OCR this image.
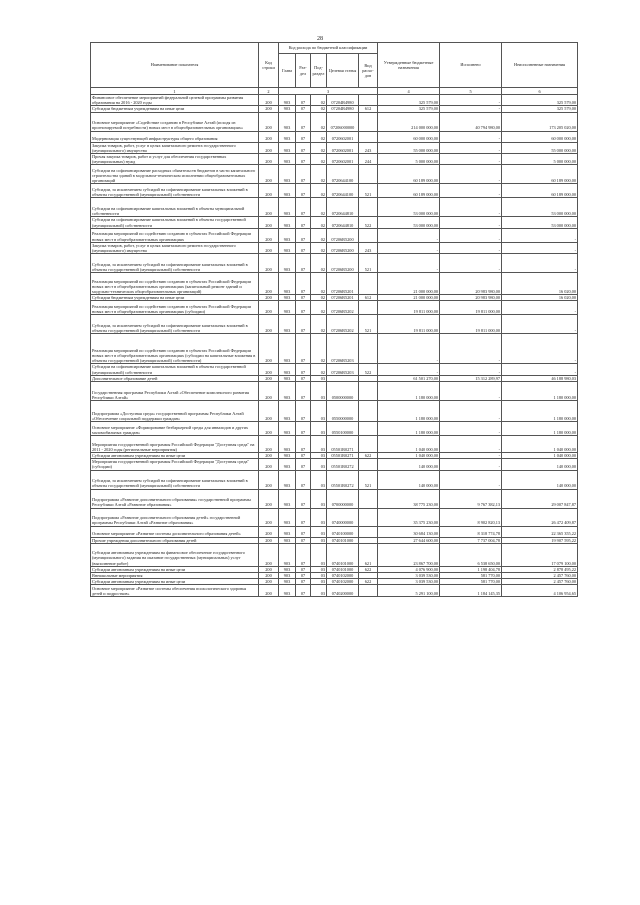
28
Наименование показателя	Код строки	Код расхода по бюджетной классификации					Утвержденные бюджетные назначения	Исполнено	Неисполненные назначения
		Глава	Раз-дел	Под-раздел	Целевая статья	Вид расхо-дов			
1	2	3					4	5	6
Финансовое обеспечение мероприятий федеральной целевой программы развития образования на 2016 - 2020 годы	200	903	07	02	07204R4980		325 579,00	-	325 579,00
Субсидии бюджетным учреждениям на иные цели	200	903	07	02	07204R4980	612	325 579,00	-	325 579,00
Основное мероприятие «Содействие созданию в Республике Алтай (исходя из прогнозируемой потребности) новых мест в общеобразовательных организациях»	200	903	07	02	07206000000		214 000 000,00	40 794 980,00	173 205 020,00
Модернизация существующей инфраструктуры общего образования	200	903	07	02	0720602001		60 000 000,00	-	60 000 000,00
Закупка товаров, работ, услуг в целях капитального ремонта государственного (муниципального) имущества	200	903	07	02	0720602001	243	55 000 000,00	-	55 000 000,00
Прочая закупка товаров, работ и услуг для обеспечения государственных (муниципальных) нужд	200	903	07	02	0720602001	244	5 000 000,00	-	5 000 000,00
Субсидии на софинансирование расходных обязательств бюджетов в части капитального строительства зданий в модульном-техническом исполнении общеобразовательных организаций	200	903	07	02	0720644100		60 189 000,00	-	60 189 000,00
Субсидии, за исключением субсидий на софинансирование капитальных вложений в объекты государственной (муниципальной) собственности	200	903	07	02	0720644100	521	60 189 000,00	-	60 189 000,00
Субсидии на софинансирование капитальных вложений в объекты муниципальной собственности	200	903	07	02	0720644810		53 000 000,00	-	53 000 000,00
Субсидии на софинансирование капитальных вложений в объекты государственной (муниципальной) собственности	200	903	07	02	0720644810	522	53 000 000,00	-	53 000 000,00
Реализация мероприятий по содействию созданию в субъектах Российской Федерации новых мест в общеобразовательных организациях	200	903	07	02	07206R5200		-	-	-
Закупка товаров, работ, услуг в целях капитального ремонта государственного (муниципального) имущества	200	903	07	02	07206R5200	243	-	-	-
Субсидии, за исключением субсидий на софинансирование капитальных вложений в объекты государственной (муниципальной) собственности	200	903	07	02	07206R5200	521	-	-	-
Реализация мероприятий по содействию созданию в субъектах Российской Федерации новых мест в общеобразовательных организациях (капитальный ремонт зданий и модульно-технических общеобразовательных организаций)	200	903	07	02	07206R5201		21 000 000,00	20 983 980,00	16 020,00
Субсидии бюджетным учреждениям на иные цели	200	903	07	02	07206R5201	612	21 000 000,00	20 983 980,00	16 020,00
Реализация мероприятий по содействию созданию в субъектах Российской Федерации новых мест в общеобразовательных организациях (субсидии)	200	903	07	02	07206R5202		19 811 000,00	19 811 000,00	-
Субсидии, за исключением субсидий на софинансирование капитальных вложений в объекты государственной (муниципальной) собственности	200	903	07	02	07206R5202	521	19 811 000,00	19 811 000,00	-
Реализация мероприятий по содействию созданию в субъектах Российской Федерации новых мест в общеобразовательных организациях (субсидии на капитальные вложения в объекты государственной (муниципальной) собственности)	200	903	07	02	07206R5203		-	-	-
Субсидии на софинансирование капитальных вложений в объекты государственной (муниципальной) собственности	200	903	07	02	07206R5203	522	-	-	-
Дополнительное образование детей	200	903	07	03			61 501 270,00	15 312 289,97	46 188 980,03
Государственная программа Республики Алтай «Обеспечение комплексного развития Республики Алтай»	200	903	07	03	0500000000		1 180 000,00	-	1 180 000,00
Подпрограмма «Доступная среда» государственной программы Республики Алтай «Обеспечение социальной поддержки граждан»	200	903	07	03	0550000000		1 180 000,00	-	1 180 000,00
Основное мероприятие «Формирование безбарьерной среды для инвалидов и других маломобильных граждан»	200	903	07	03	0550100000		1 180 000,00	-	1 180 000,00
Мероприятия государственной программы Российской Федерации "Доступная среда" на 2011 - 2020 годы (региональные мероприятия)	200	903	07	03	05501R0271		1 040 000,00	-	1 040 000,00
Субсидии автономным учреждениям на иные цели	200	903	07	03	05501R0271	622	1 040 000,00	-	1 040 000,00
Мероприятия государственной программы Российской Федерации "Доступная среда" (субсидии)	200	903	07	03	05501R0272		140 000,00	-	140 000,00
Субсидии, за исключением субсидий на софинансирование капитальных вложений в объекты государственной (муниципальной) собственности	200	903	07	03	05501R0272	521	140 000,00	-	140 000,00
Подпрограмма «Развитие дополнительного образования» государственной программы Республики Алтай «Развитие образования»	200	903	07	03	0700000000		38 775 230,00	9 767 382,13	29 007 847,87
Подпрограмма «Развитие дополнительного образования детей» государственной программы Республики Алтай «Развитие образования»	200	903	07	03	0740000000		35 375 230,00	8 902 820,13	26 472 409,87
Основное мероприятие «Развитие системы дополнительного образования детей»	200	903	07	03	0740100000		30 684 130,00	8 318 774,78	22 365 355,22
Прочие учреждения дополнительного образования детей	200	903	07	03	0740101000		27 644 600,00	7 737 004,78	19 907 595,22
Субсидии автономным учреждениям на финансовое обеспечение государственного (муниципального) задания на оказание государственных (муниципальных) услуг (выполнение работ)	200	903	07	03	0740101000	621	23 867 700,00	6 538 650,00	17 079 100,00
Субсидии автономным учреждениям на иные цели	200	903	07	03	0740101000	622	4 076 900,00	1 198 404,78	2 878 495,22
Внешкольные мероприятия	200	903	07	03	0740102000		3 039 530,00	581 770,00	2 457 760,00
Субсидии автономным учреждениям на иные цели	200	903	07	03	0740102000	622	3 039 530,00	581 770,00	2 457 760,00
Основное мероприятие «Развитие системы обеспечения психологического здоровья детей и подростков»	200	903	07	03	0740200000		5 291 100,00	1 184 145,35	4 106 954,65
